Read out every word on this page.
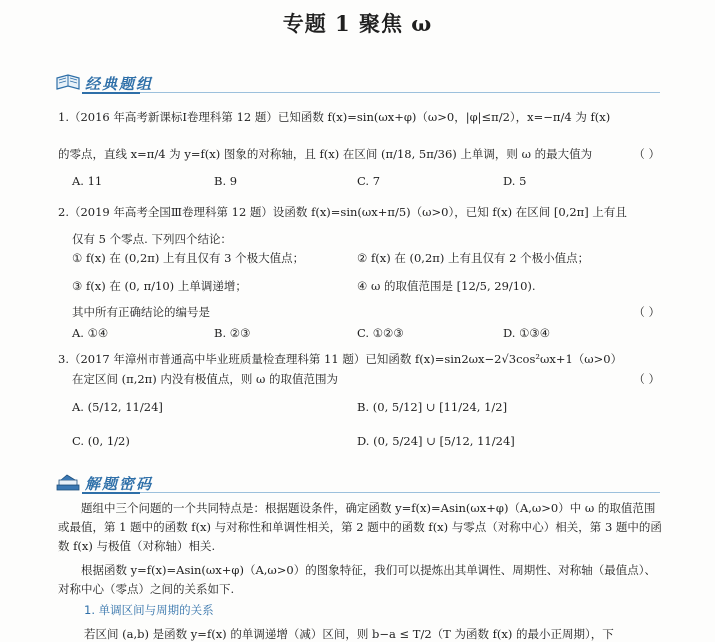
专题 1 聚焦 ω
经典题组
1.（2016 年高考新课标Ⅰ卷理科第 12 题）已知函数 f(x)=sin(ωx+φ)（ω>0，|φ|≤π/2），x=−π/4 为 f(x)
的零点，直线 x=π/4 为 y=f(x) 图象的对称轴，且 f(x) 在区间 (π/18, 5π/36) 上单调，则 ω 的最大值为	（ ）
A. 11	B. 9	C. 7	D. 5
2.（2019 年高考全国Ⅲ卷理科第 12 题）设函数 f(x)=sin(ωx+π/5)（ω>0），已知 f(x) 在区间 [0,2π] 上有且
仅有 5 个零点. 下列四个结论：
① f(x) 在 (0,2π) 上有且仅有 3 个极大值点；	② f(x) 在 (0,2π) 上有且仅有 2 个极小值点；
③ f(x) 在 (0, π/10) 上单调递增；	④ ω 的取值范围是 [12/5, 29/10).
其中所有正确结论的编号是	（ ）
A. ①④	B. ②③	C. ①②③	D. ①③④
3.（2017 年漳州市普通高中毕业班质量检查理科第 11 题）已知函数 f(x)=sin2ωx−2√3cos²ωx+1（ω>0）
在定区间 (π,2π) 内没有极值点，则 ω 的取值范围为	（ ）
A. (5/12, 11/24]	B. (0, 5/12] ∪ [11/24, 1/2]
C. (0, 1/2)	D. (0, 5/24] ∪ [5/12, 11/24]
解题密码
题组中三个问题的一个共同特点是：根据题设条件，确定函数 y=f(x)=Asin(ωx+φ)（A,ω>0）中 ω 的取值范围或最值，第 1 题中的函数 f(x) 与对称性和单调性相关，第 2 题中的函数 f(x) 与零点（对称中心）相关，第 3 题中的函数 f(x) 与极值（对称轴）相关.
根据函数 y=f(x)=Asin(ωx+φ)（A,ω>0）的图象特征，我们可以提炼出其单调性、周期性、对称轴（最值点）、对称中心（零点）之间的关系如下.
1. 单调区间与周期的关系
若区间 (a,b) 是函数 y=f(x) 的单调递增（减）区间，则 b−a ≤ T/2（T 为函数 f(x) 的最小正周期），下
